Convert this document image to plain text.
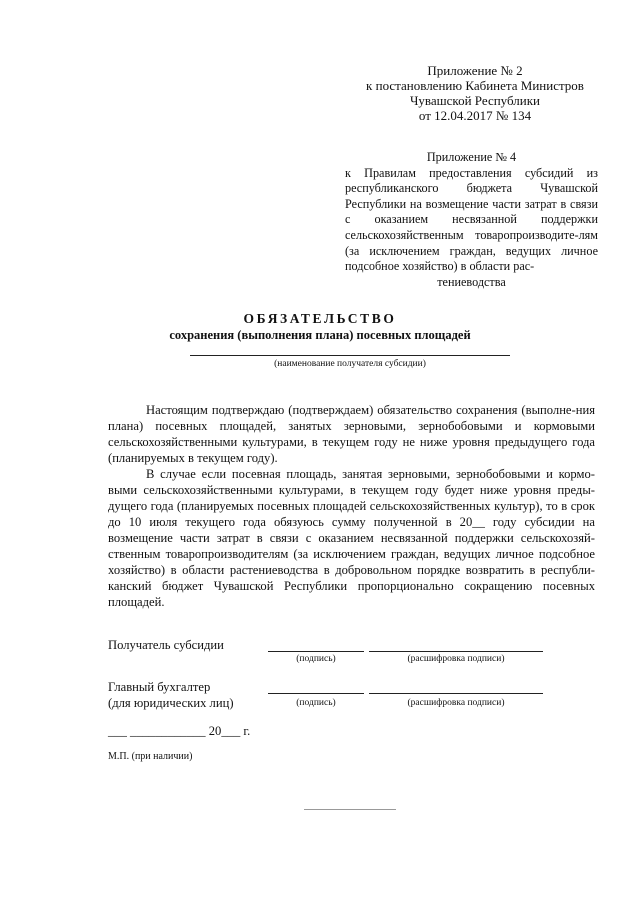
Приложение № 2
к постановлению Кабинета Министров
Чувашской Республики
от 12.04.2017 № 134
Приложение № 4
к Правилам предоставления субсидий из республиканского бюджета Чувашской Республики на возмещение части затрат в связи с оказанием несвязанной поддержки сельскохозяйственным товаропроизводите-лям (за исключением граждан, ведущих личное подсобное хозяйство) в области рас-
тениеводства
ОБЯЗАТЕЛЬСТВО
сохранения (выполнения плана) посевных площадей
(наименование получателя субсидии)

Настоящим подтверждаю (подтверждаем) обязательство сохранения (выполне-ния плана) посевных площадей, занятых зерновыми, зернобобовыми и кормовыми сельскохозяйственными культурами, в текущем году не ниже уровня предыдущего года (планируемых в текущем году).

В случае если посевная площадь, занятая зерновыми, зернобобовыми и кормо-выми сельскохозяйственными культурами, в текущем году будет ниже уровня преды-дущего года (планируемых посевных площадей сельскохозяйственных культур), то в срок до 10 июля текущего года обязуюсь сумму полученной в 20__ году субсидии на возмещение части затрат в связи с оказанием несвязанной поддержки сельскохозяй-ственным товаропроизводителям (за исключением граждан, ведущих личное подсобное хозяйство) в области растениеводства в добровольном порядке возвратить в республи-канский бюджет Чувашской Республики пропорционально сокращению посевных площадей.

Получатель субсидии
(подпись)	(расшифровка подписи)
Главный бухгалтер
(для юридических лиц)	(подпись)	(расшифровка подписи)
___ ____________ 20___ г.
М.П. (при наличии)
